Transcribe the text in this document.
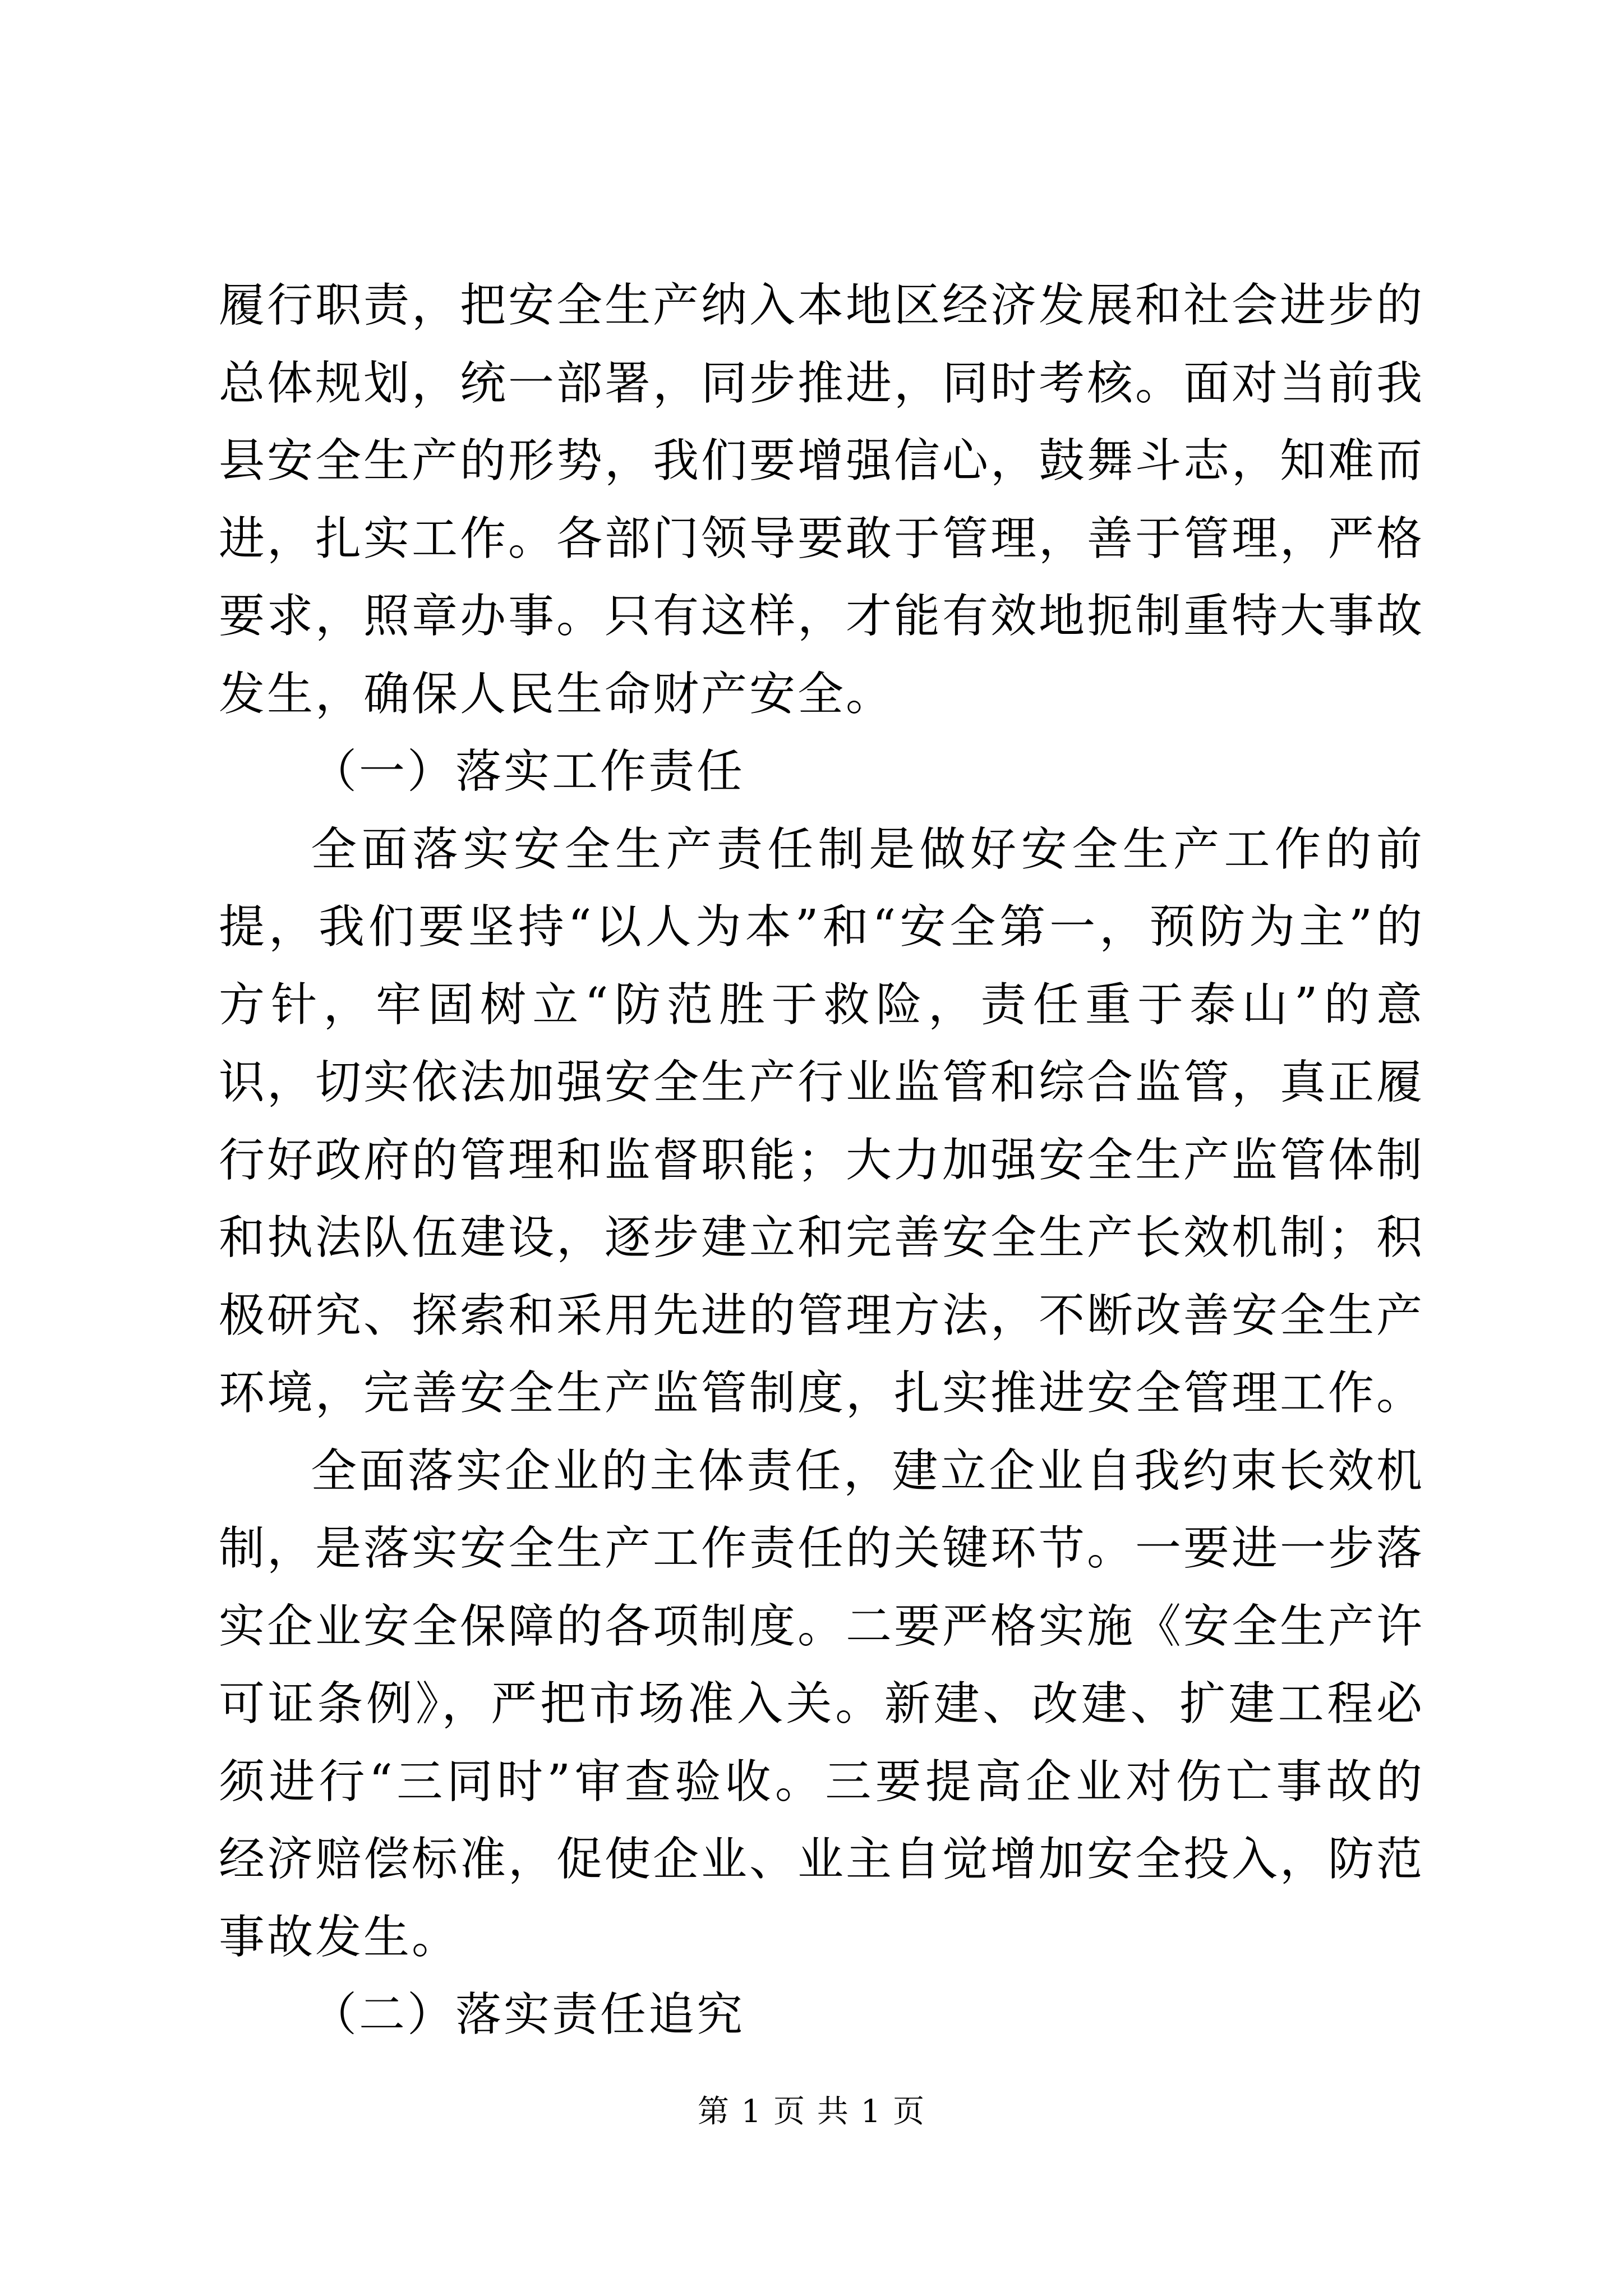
履行职责，把安全生产纳入本地区经济发展和社会进步的总体规划，统一部署，同步推进，同时考核。面对当前我县安全生产的形势，我们要增强信心，鼓舞斗志，知难而进，扎实工作。各部门领导要敢于管理，善于管理，严格要求，照章办事。只有这样，才能有效地扼制重特大事故发生，确保人民生命财产安全。

（一）落实工作责任

全面落实安全生产责任制是做好安全生产工作的前提，我们要坚持“以人为本”和“安全第一，预防为主”的方针，牢固树立“防范胜于救险，责任重于泰山”的意识，切实依法加强安全生产行业监管和综合监管，真正履行好政府的管理和监督职能；大力加强安全生产监管体制和执法队伍建设，逐步建立和完善安全生产长效机制；积极研究、探索和采用先进的管理方法，不断改善安全生产环境，完善安全生产监管制度，扎实推进安全管理工作。

全面落实企业的主体责任，建立企业自我约束长效机制，是落实安全生产工作责任的关键环节。一要进一步落实企业安全保障的各项制度。二要严格实施《安全生产许可证条例》，严把市场准入关。新建、改建、扩建工程必须进行“三同时”审查验收。三要提高企业对伤亡事故的经济赔偿标准，促使企业、业主自觉增加安全投入，防范事故发生。

（二）落实责任追究

第 1 页 共 1 页
